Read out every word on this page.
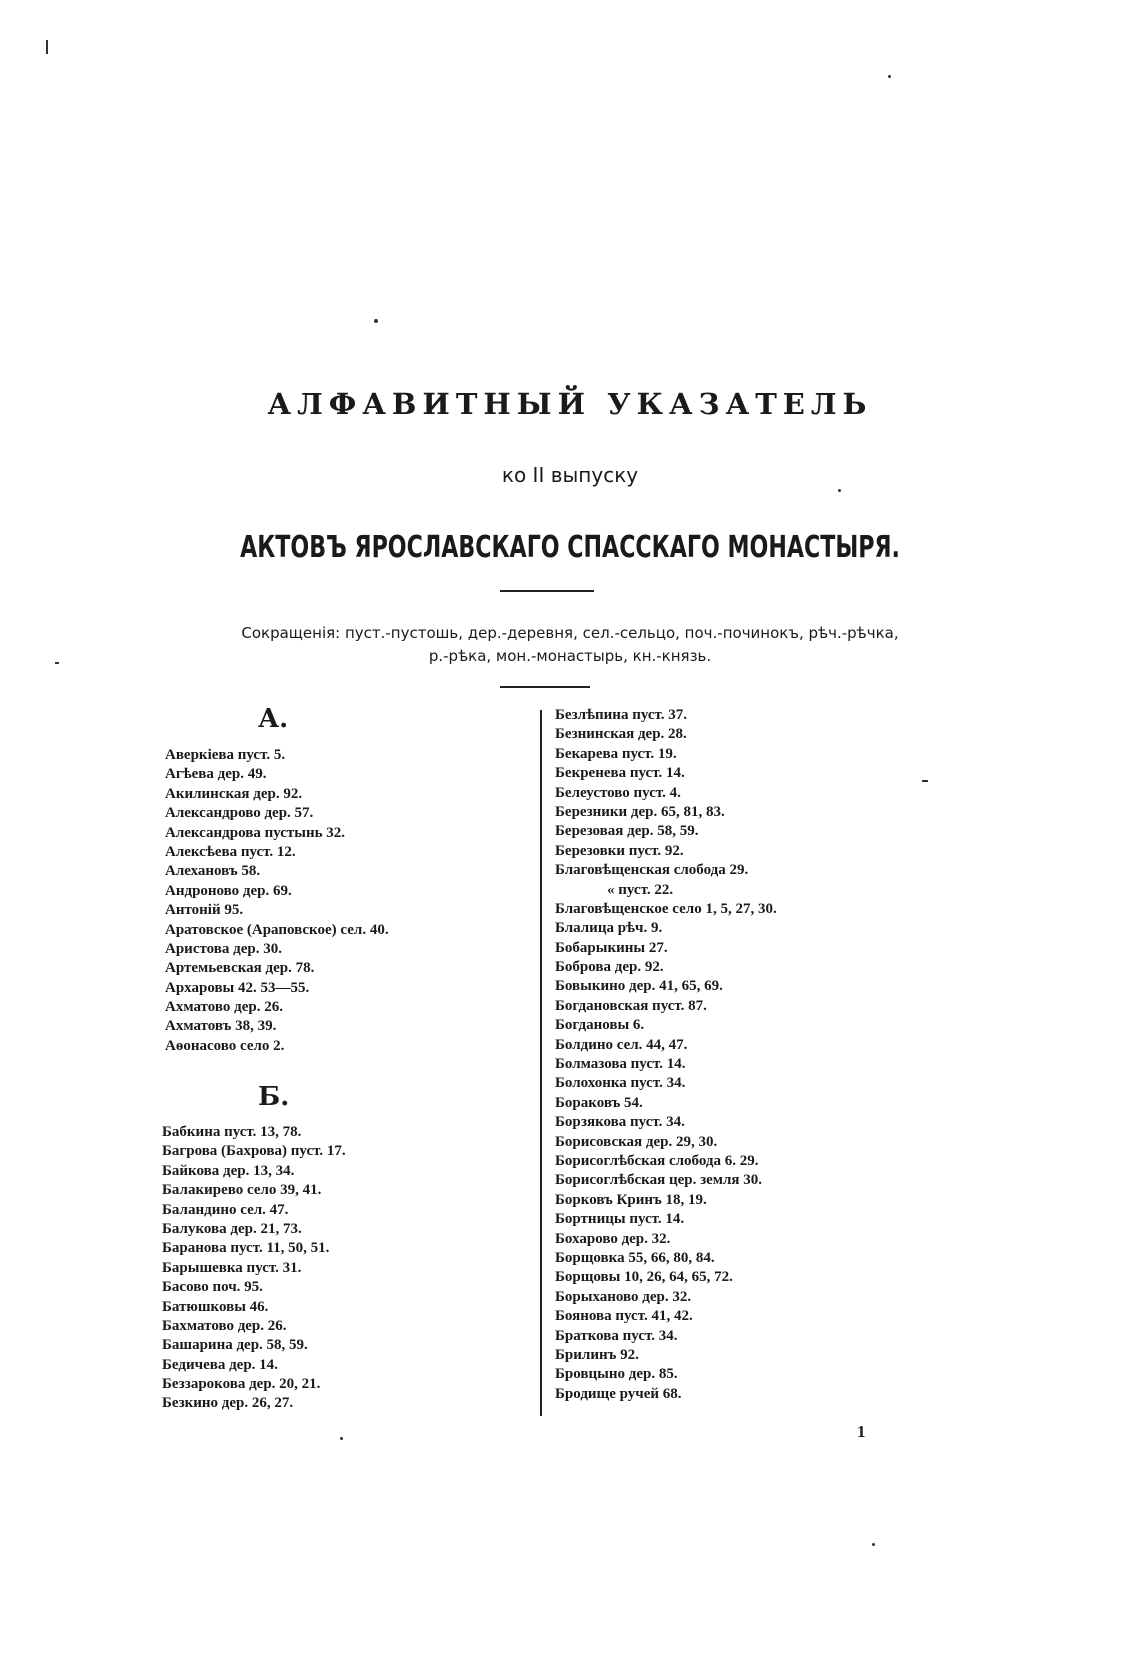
АЛФАВИТНЫЙ УКАЗАТЕЛЬ
ко II выпуску
АКТОВЪ ЯРОСЛАВСКАГО СПАССКАГО МОНАСТЫРЯ.
Сокращенія: пуст.-пустошь, дер.-деревня, сел.-сельцо, поч.-починокъ, рѣч.-рѣчка,
р.-рѣка, мон.-монастырь, кн.-князь.
А.
Аверкіева пуст. 5.
Агѣева дер. 49.
Акилинская дер. 92.
Александрово дер. 57.
Александрова пустынь 32.
Алексѣева пуст. 12.
Алехановъ 58.
Андроново дер. 69.
Антоній 95.
Аратовское (Араповское) сел. 40.
Аристова дер. 30.
Артемьевская дер. 78.
Архаровы 42. 53—55.
Ахматово дер. 26.
Ахматовъ 38, 39.
Аѳонасово село 2.
Б.
Бабкина пуст. 13, 78.
Багрова (Бахрова) пуст. 17.
Байкова дер. 13, 34.
Балакирево село 39, 41.
Баландино сел. 47.
Балукова дер. 21, 73.
Баранова пуст. 11, 50, 51.
Барышевка пуст. 31.
Басово поч. 95.
Батюшковы 46.
Бахматово дер. 26.
Башарина дер. 58, 59.
Бедичева дер. 14.
Беззарокова дер. 20, 21.
Безкино дер. 26, 27.
Безлѣпина пуст. 37.
Безнинская дер. 28.
Бекарева пуст. 19.
Бекренева пуст. 14.
Белеустово пуст. 4.
Березники дер. 65, 81, 83.
Березовая дер. 58, 59.
Березовки пуст. 92.
Благовѣщенская слобода 29.
« пуст. 22.
Благовѣщенское село 1, 5, 27, 30.
Блалица рѣч. 9.
Бобарыкины 27.
Боброва дер. 92.
Бовыкино дер. 41, 65, 69.
Богдановская пуст. 87.
Богдановы 6.
Болдино сел. 44, 47.
Болмазова пуст. 14.
Болохонка пуст. 34.
Бораковъ 54.
Борзякова пуст. 34.
Борисовская дер. 29, 30.
Борисоглѣбская слобода 6. 29.
Борисоглѣбская цер. земля 30.
Борковъ Кринъ 18, 19.
Бортницы пуст. 14.
Бохарово дер. 32.
Борщовка 55, 66, 80, 84.
Борщовы 10, 26, 64, 65, 72.
Борыханово дер. 32.
Боянова пуст. 41, 42.
Браткова пуст. 34.
Брилинъ 92.
Бровцыно дер. 85.
Бродище ручей 68.
1
